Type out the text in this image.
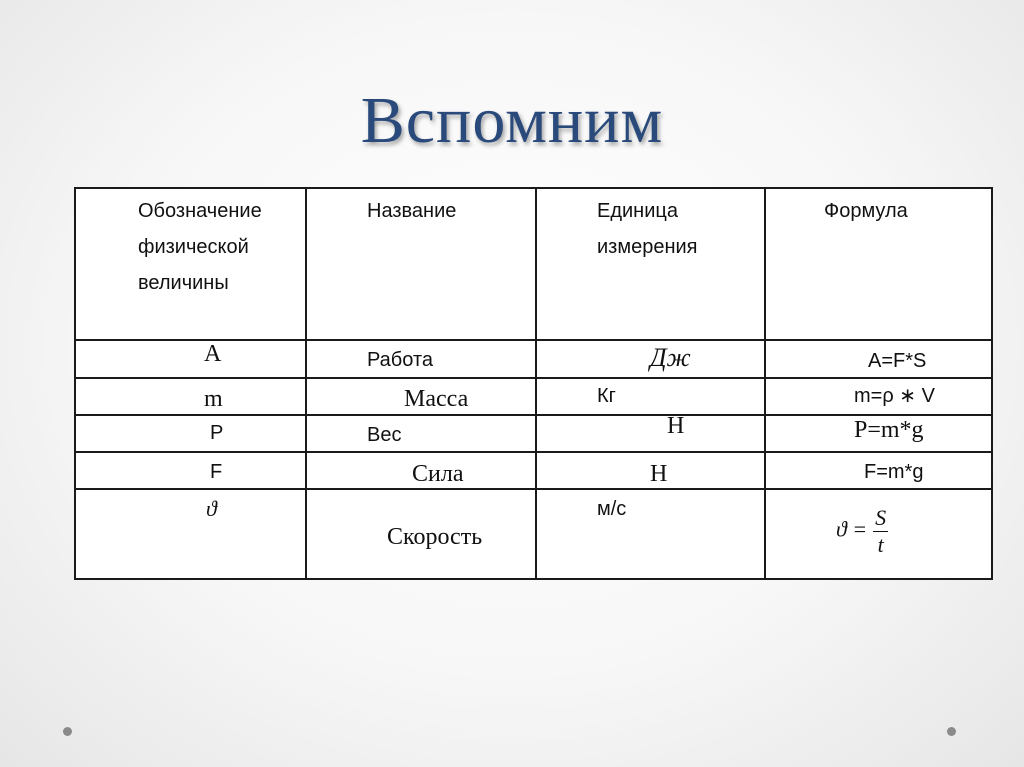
Вспомним
Обозначение физической величины	Название	Единица измерения	Формула

A	Работа	Дж	A=F*S

m	Масса	Кг	m=ρ ∗ V

P	Вес	Н	P=m*g

F	Сила	Н	F=m*g

ϑ	Скорость	м/с	$ϑ = \frac{S}{t}$
